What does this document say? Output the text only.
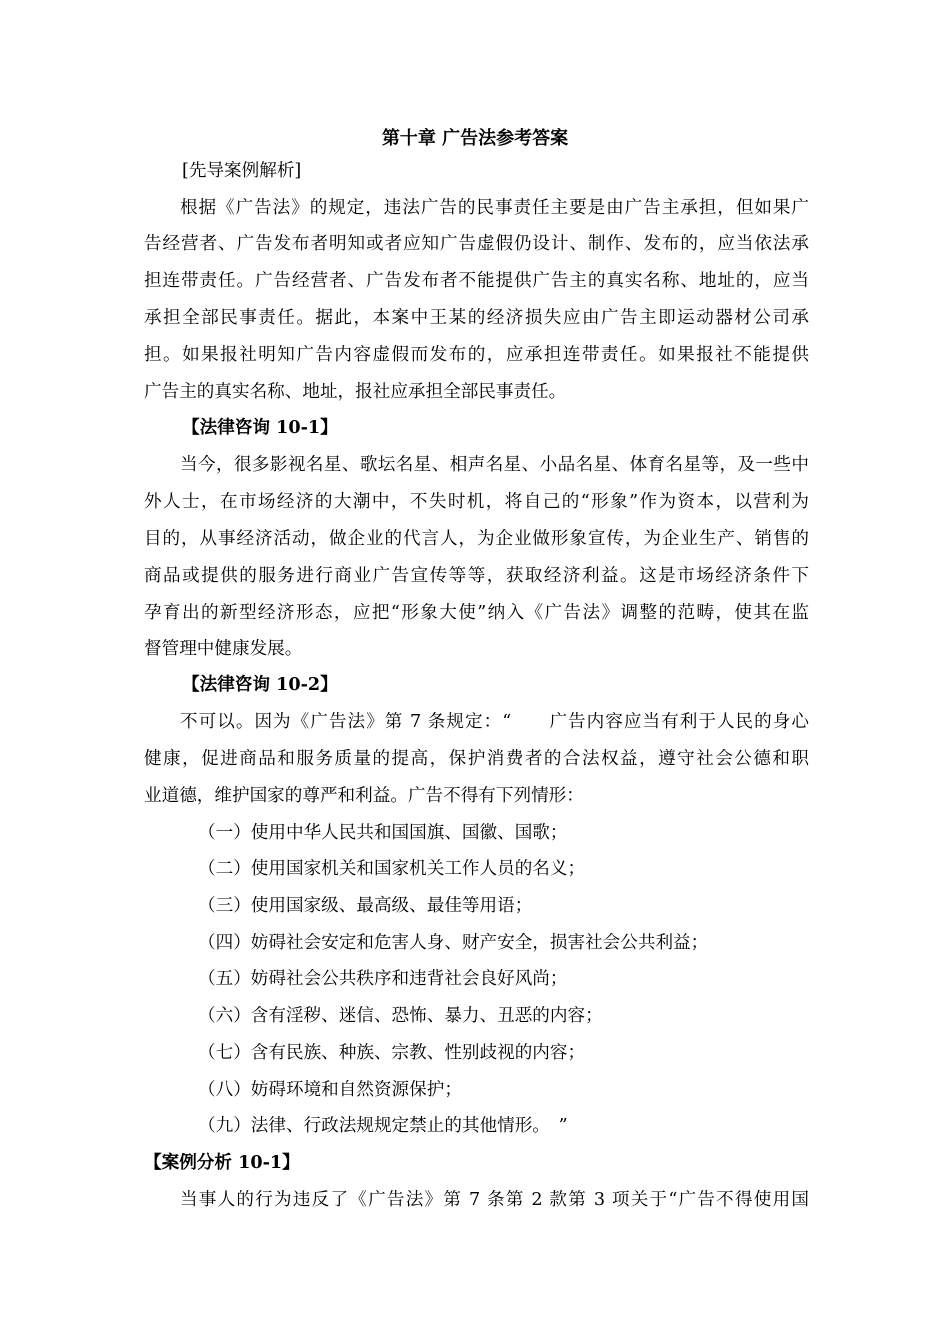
第十章 广告法参考答案
[先导案例解析]
根据《广告法》的规定，违法广告的民事责任主要是由广告主承担，但如果广
告经营者、广告发布者明知或者应知广告虚假仍设计、制作、发布的，应当依法承
担连带责任。广告经营者、广告发布者不能提供广告主的真实名称、地址的，应当
承担全部民事责任。据此，本案中王某的经济损失应由广告主即运动器材公司承
担。如果报社明知广告内容虚假而发布的，应承担连带责任。如果报社不能提供
广告主的真实名称、地址，报社应承担全部民事责任。
【法律咨询 10-1】
当今，很多影视名星、歌坛名星、相声名星、小品名星、体育名星等，及一些中
外人士，在市场经济的大潮中，不失时机，将自己的“形象”作为资本，以营利为
目的，从事经济活动，做企业的代言人，为企业做形象宣传，为企业生产、销售的
商品或提供的服务进行商业广告宣传等等，获取经济利益。这是市场经济条件下
孕育出的新型经济形态，应把“形象大使”纳入《广告法》调整的范畴，使其在监
督管理中健康发展。
【法律咨询 10-2】
不可以。因为《广告法》第 7 条规定：“　　广告内容应当有利于人民的身心
健康，促进商品和服务质量的提高，保护消费者的合法权益，遵守社会公德和职
业道德，维护国家的尊严和利益。广告不得有下列情形：
（一）使用中华人民共和国国旗、国徽、国歌；
（二）使用国家机关和国家机关工作人员的名义；
（三）使用国家级、最高级、最佳等用语；
（四）妨碍社会安定和危害人身、财产安全，损害社会公共利益；
（五）妨碍社会公共秩序和违背社会良好风尚；
（六）含有淫秽、迷信、恐怖、暴力、丑恶的内容；
（七）含有民族、种族、宗教、性别歧视的内容；
（八）妨碍环境和自然资源保护；
（九）法律、行政法规规定禁止的其他情形。　”
【案例分析 10-1】
当事人的行为违反了《广告法》第 7 条第 2 款第 3 项关于“广告不得使用国
